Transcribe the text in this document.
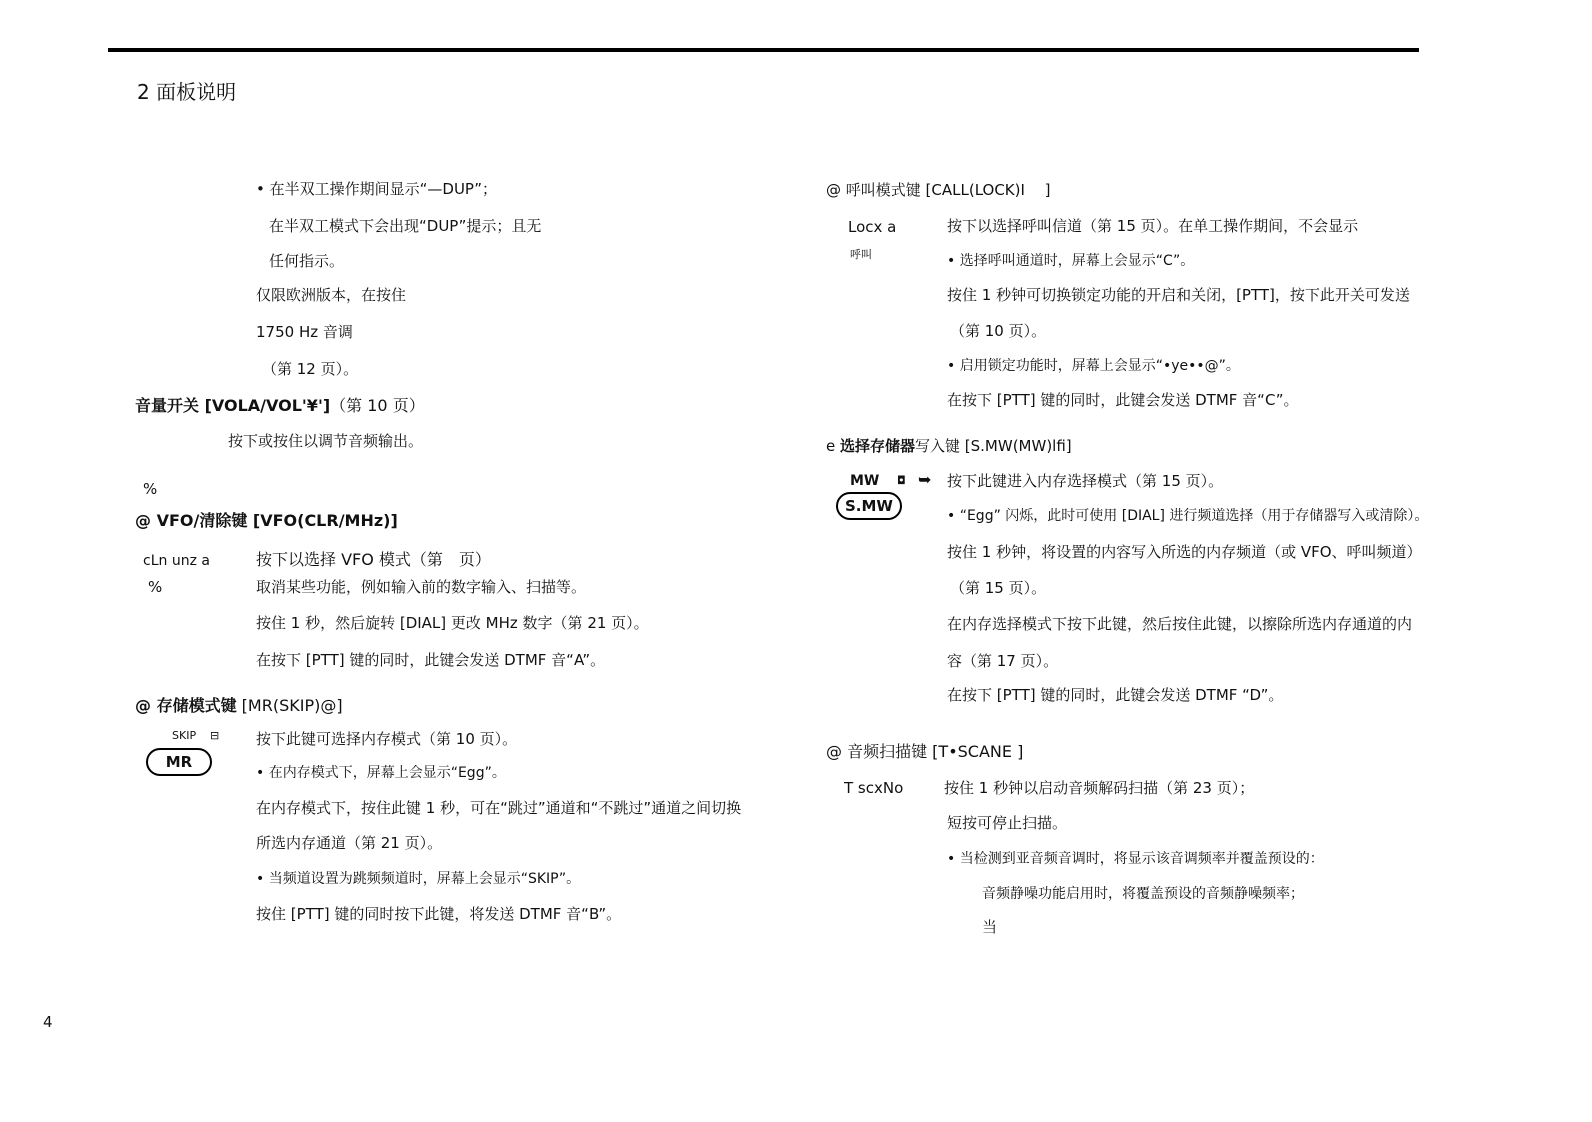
2 面板说明
• 在半双工操作期间显示“—DUP”；
在半双工模式下会出现“DUP”提示；且无
任何指示。
仅限欧洲版本，在按住
1750 Hz 音调
（第 12 页）。
音量开关 [VOLA/VOL'¥']（第 10 页）
按下或按住以调节音频输出。
%
@ VFO/清除键 [VFO(CLR/MHz)]
cLn unz a
%
按下以选择 VFO 模式（第　页）
取消某些功能，例如输入前的数字输入、扫描等。
按住 1 秒，然后旋转 [DIAL] 更改 MHz 数字（第 21 页）。
在按下 [PTT] 键的同时，此键会发送 DTMF 音“A”。
@ 存储模式键 [MR(SKIP)@]
SKIP ⊟
MR
按下此键可选择内存模式（第 10 页）。
• 在内存模式下，屏幕上会显示“Egg”。
在内存模式下，按住此键 1 秒，可在“跳过”通道和“不跳过”通道之间切换
所选内存通道（第 21 页）。
• 当频道设置为跳频频道时，屏幕上会显示“SKIP”。
按住 [PTT] 键的同时按下此键，将发送 DTMF 音“B”。
@ 呼叫模式键 [CALL(LOCK)I　 ]
Locx a
呼叫
按下以选择呼叫信道（第 15 页）。在单工操作期间，不会显示
• 选择呼叫通道时，屏幕上会显示“C”。
按住 1 秒钟可切换锁定功能的开启和关闭，[PTT]，按下此开关可发送
（第 10 页）。
• 启用锁定功能时，屏幕上会显示“•ye••@”。
在按下 [PTT] 键的同时，此键会发送 DTMF 音“C”。
e 选择存储器写入键 [S.MW(MW)lfi]
MW ◘ ➥
S.MW
按下此键进入内存选择模式（第 15 页）。
• “Egg” 闪烁，此时可使用 [DIAL] 进行频道选择（用于存储器写入或清除）。
按住 1 秒钟，将设置的内容写入所选的内存频道（或 VFO、呼叫频道）
（第 15 页）。
在内存选择模式下按下此键，然后按住此键，以擦除所选内存通道的内
容（第 17 页）。
在按下 [PTT] 键的同时，此键会发送 DTMF “D”。
@ 音频扫描键 [T•SCANE ]
T scxNo	按住 1 秒钟以启动音频解码扫描（第 23 页）；
短按可停止扫描。
• 当检测到亚音频音调时，将显示该音调频率并覆盖预设的：
音频静噪功能启用时，将覆盖预设的音频静噪频率；
当
4
